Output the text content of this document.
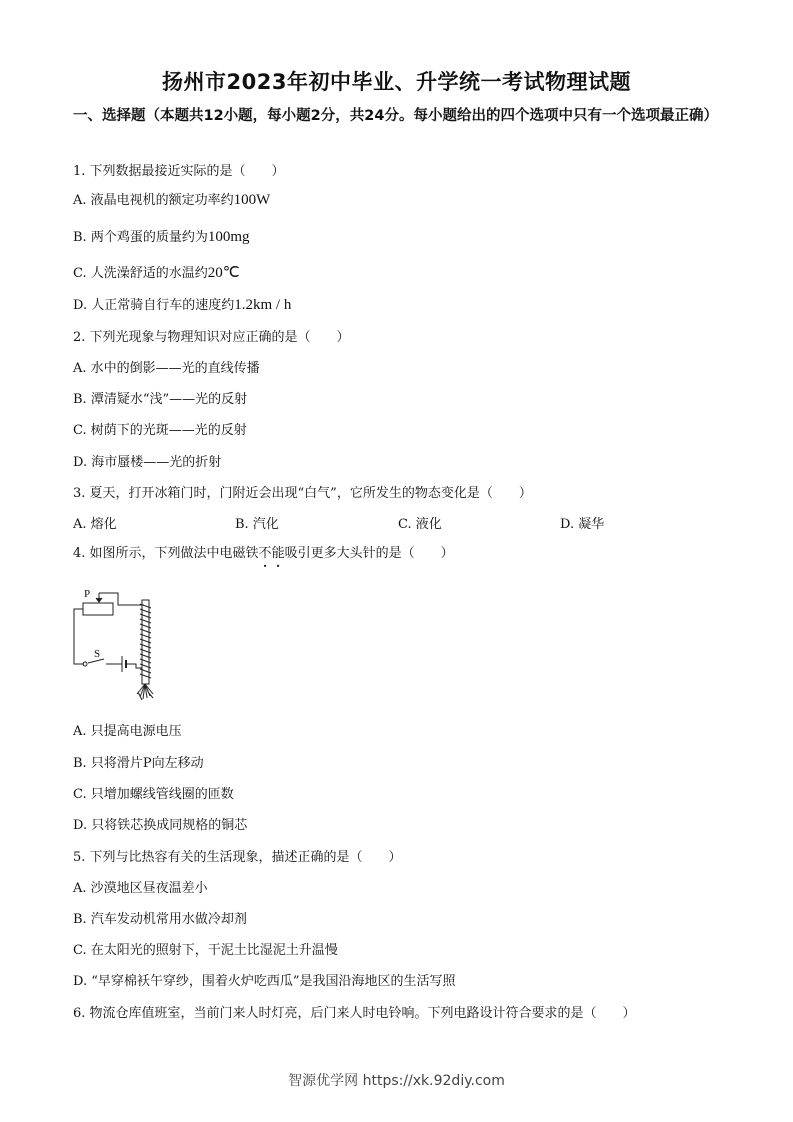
扬州市2023年初中毕业、升学统一考试物理试题
一、选择题（本题共12小题，每小题2分，共24分。每小题给出的四个选项中只有一个选项最正确）
1. 下列数据最接近实际的是（　　）
A. 液晶电视机的额定功率约100W
B. 两个鸡蛋的质量约为100mg
C. 人洗澡舒适的水温约20℃
D. 人正常骑自行车的速度约1.2km / h
2. 下列光现象与物理知识对应正确的是（　　）
A. 水中的倒影——光的直线传播
B. 潭清疑水“浅”——光的反射
C. 树荫下的光斑——光的反射
D. 海市蜃楼——光的折射
3. 夏天，打开冰箱门时，门附近会出现“白气”，它所发生的物态变化是（　　）
A. 熔化	B. 汽化	C. 液化	D. 凝华
4. 如图所示，下列做法中电磁铁不能吸引更多大头针的是（　　）
P
S
A. 只提高电源电压
B. 只将滑片P向左移动
C. 只增加螺线管线圈的匝数
D. 只将铁芯换成同规格的铜芯
5. 下列与比热容有关的生活现象，描述正确的是（　　）
A. 沙漠地区昼夜温差小
B. 汽车发动机常用水做冷却剂
C. 在太阳光的照射下，干泥土比湿泥土升温慢
D. “早穿棉袄午穿纱，围着火炉吃西瓜”是我国沿海地区的生活写照
6. 物流仓库值班室，当前门来人时灯亮，后门来人时电铃响。下列电路设计符合要求的是（　　）
智源优学网 https://xk.92diy.com
